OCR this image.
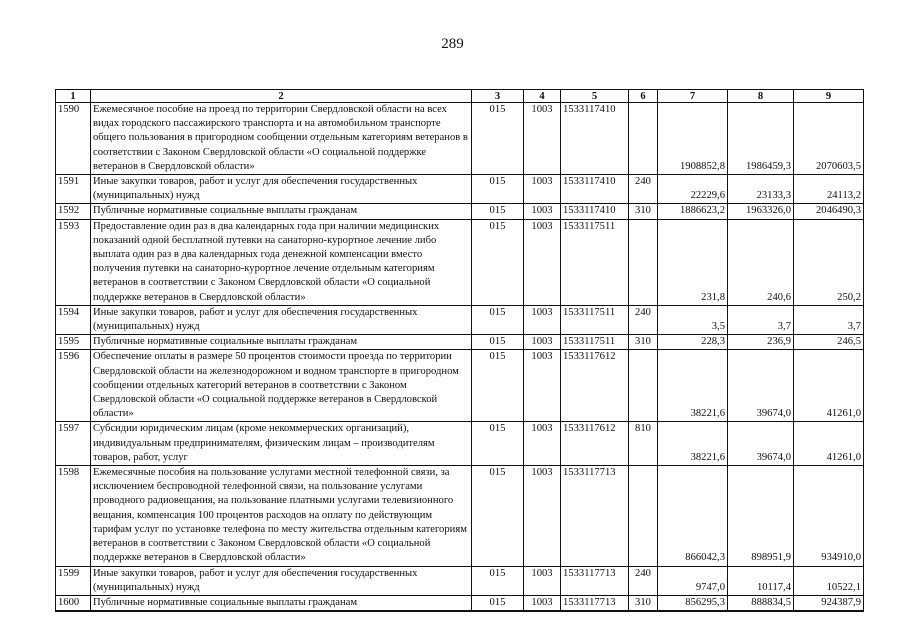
289
1	2	3	4	5	6	7	8	9
1590	Ежемесячное пособие на проезд по территории Свердловской области на всех видах городского пассажирского транспорта и на автомобильном транспорте общего пользования в пригородном сообщении отдельным категориям ветеранов в соответствии с Законом Свердловской области «О социальной поддержке ветеранов в Свердловской области»	015	1003	1533117410		1908852,8	1986459,3	2070603,5
1591	Иные закупки товаров, работ и услуг для обеспечения государственных (муниципальных) нужд	015	1003	1533117410	240	22229,6	23133,3	24113,2
1592	Публичные нормативные социальные выплаты гражданам	015	1003	1533117410	310	1886623,2	1963326,0	2046490,3
1593	Предоставление один раз в два календарных года при наличии медицинских показаний одной бесплатной путевки на санаторно-курортное лечение либо выплата один раз в два календарных года денежной компенсации вместо получения путевки на санаторно-курортное лечение отдельным категориям ветеранов в соответствии с Законом Свердловской области «О социальной поддержке ветеранов в Свердловской области»	015	1003	1533117511		231,8	240,6	250,2
1594	Иные закупки товаров, работ и услуг для обеспечения государственных (муниципальных) нужд	015	1003	1533117511	240	3,5	3,7	3,7
1595	Публичные нормативные социальные выплаты гражданам	015	1003	1533117511	310	228,3	236,9	246,5
1596	Обеспечение оплаты в размере 50 процентов стоимости проезда по территории Свердловской области на железнодорожном и водном транспорте в пригородном сообщении отдельных категорий ветеранов в соответствии с Законом Свердловской области «О социальной поддержке ветеранов в Свердловской области»	015	1003	1533117612		38221,6	39674,0	41261,0
1597	Субсидии юридическим лицам (кроме некоммерческих организаций), индивидуальным предпринимателям, физическим лицам – производителям товаров, работ, услуг	015	1003	1533117612	810	38221,6	39674,0	41261,0
1598	Ежемесячные пособия на пользование услугами местной телефонной связи, за исключением беспроводной телефонной связи, на пользование услугами проводного радиовещания, на пользование платными услугами телевизионного вещания, компенсация 100 процентов расходов на оплату по действующим тарифам услуг по установке телефона по месту жительства отдельным категориям ветеранов в соответствии с Законом Свердловской области «О социальной поддержке ветеранов в Свердловской области»	015	1003	1533117713		866042,3	898951,9	934910,0
1599	Иные закупки товаров, работ и услуг для обеспечения государственных (муниципальных) нужд	015	1003	1533117713	240	9747,0	10117,4	10522,1
1600	Публичные нормативные социальные выплаты гражданам	015	1003	1533117713	310	856295,3	888834,5	924387,9
